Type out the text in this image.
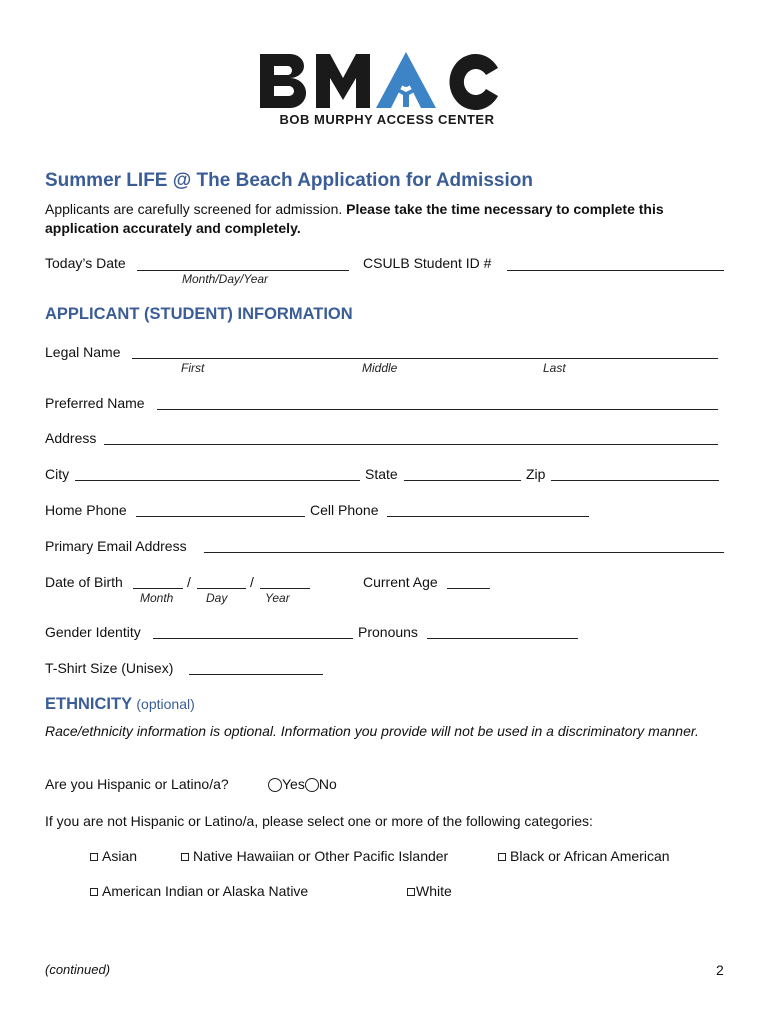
BOB MURPHY ACCESS CENTER
Summer LIFE @ The Beach Application for Admission
Applicants are carefully screened for admission. Please take the time necessary to complete this application accurately and completely.
Today’s Date
Month/Day/Year
CSULB Student ID #
APPLICANT (STUDENT) INFORMATION
Legal Name
First	Middle	Last
Preferred Name
Address
City	State	Zip
Home Phone	Cell Phone
Primary Email Address
Date of Birth	/	/
Month	Day	Year
Current Age
Gender Identity	Pronouns
T-Shirt Size (Unisex)
ETHNICITY (optional)
Race/ethnicity information is optional. Information you provide will not be used in a discriminatory manner.
Are you Hispanic or Latino/a?	Yes No
If you are not Hispanic or Latino/a, please select one or more of the following categories:
Asian	Native Hawaiian or Other Pacific Islander	Black or African American
American Indian or Alaska Native	White
(continued)	2
